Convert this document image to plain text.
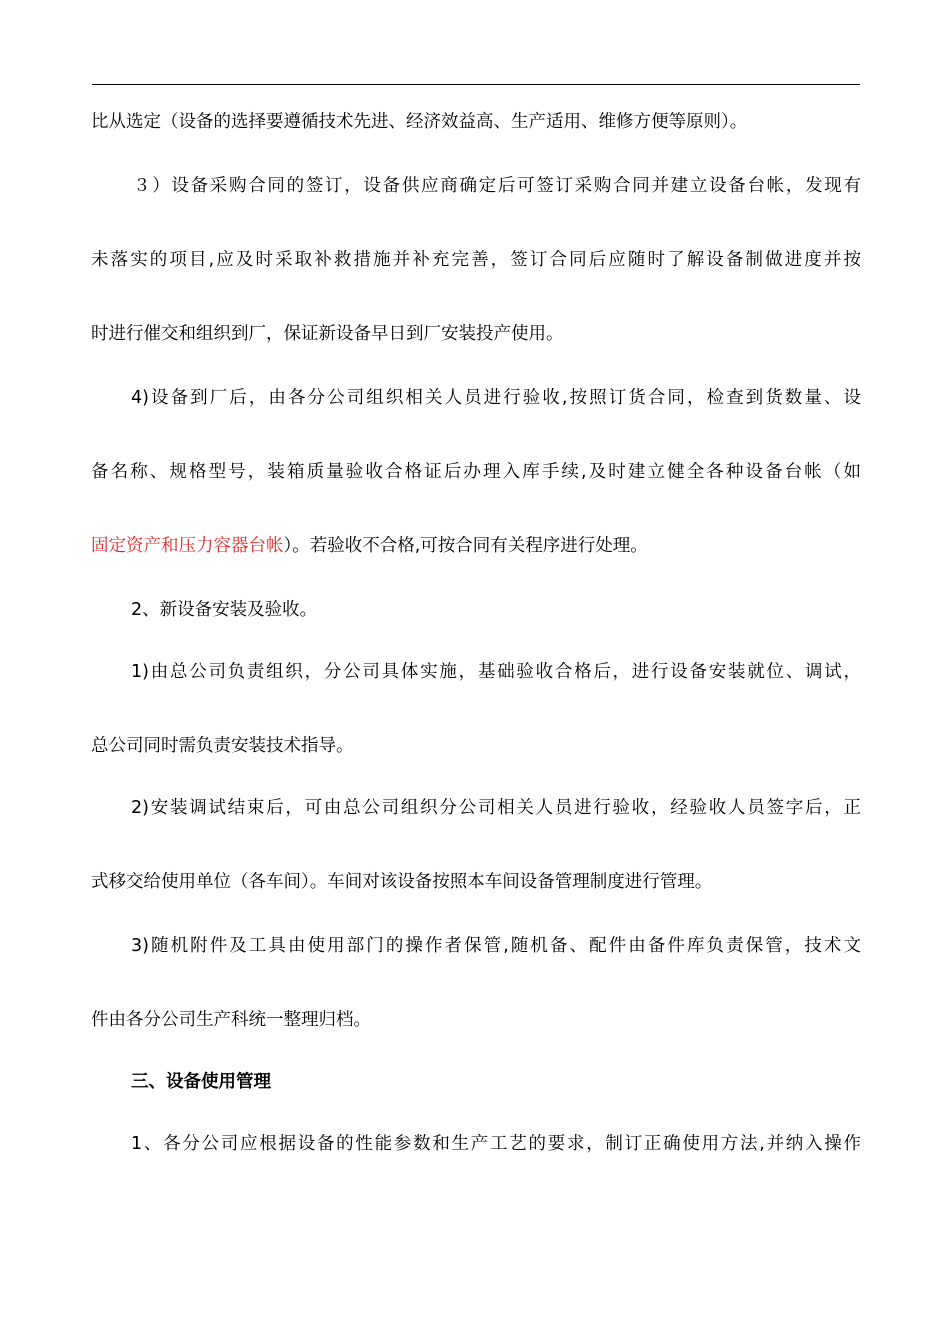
比从选定（设备的选择要遵循技术先进、经济效益高、生产适用、维修方便等原则）。
３）设备采购合同的签订，设备供应商确定后可签订采购合同并建立设备台帐，发现有
未落实的项目,应及时采取补救措施并补充完善，签订合同后应随时了解设备制做进度并按
时进行催交和组织到厂，保证新设备早日到厂安装投产使用。
4)设备到厂后，由各分公司组织相关人员进行验收,按照订货合同，检查到货数量、设
备名称、规格型号，装箱质量验收合格证后办理入库手续,及时建立健全各种设备台帐（如
固定资产和压力容器台帐）。若验收不合格,可按合同有关程序进行处理。
2、新设备安装及验收。
1)由总公司负责组织，分公司具体实施，基础验收合格后，进行设备安装就位、调试，
总公司同时需负责安装技术指导。
2)安装调试结束后，可由总公司组织分公司相关人员进行验收，经验收人员签字后，正
式移交给使用单位（各车间）。车间对该设备按照本车间设备管理制度进行管理。
3)随机附件及工具由使用部门的操作者保管,随机备、配件由备件库负责保管，技术文
件由各分公司生产科统一整理归档。
三、设备使用管理
1、各分公司应根据设备的性能参数和生产工艺的要求，制订正确使用方法,并纳入操作
